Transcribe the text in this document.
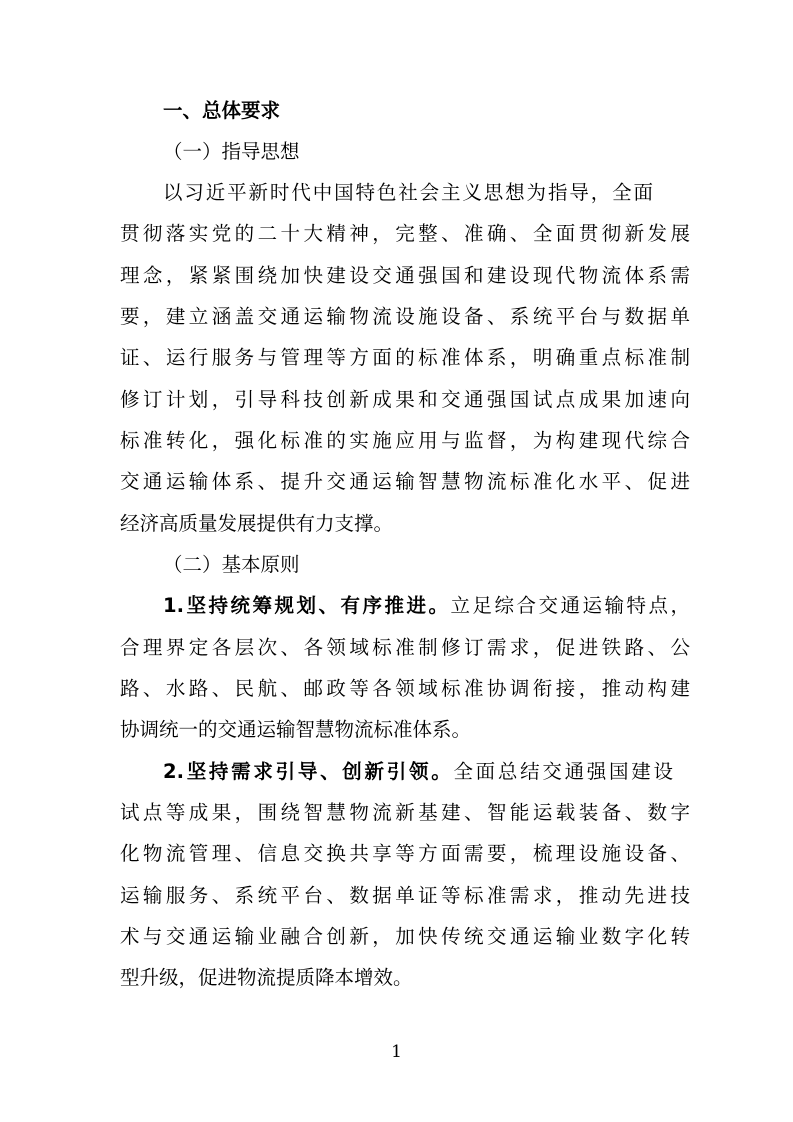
一、总体要求
（一）指导思想
以习近平新时代中国特色社会主义思想为指导，全面
贯彻落实党的二十大精神，完整、准确、全面贯彻新发展
理念，紧紧围绕加快建设交通强国和建设现代物流体系需
要，建立涵盖交通运输物流设施设备、系统平台与数据单
证、运行服务与管理等方面的标准体系，明确重点标准制
修订计划，引导科技创新成果和交通强国试点成果加速向
标准转化，强化标准的实施应用与监督，为构建现代综合
交通运输体系、提升交通运输智慧物流标准化水平、促进
经济高质量发展提供有力支撑。
（二）基本原则
1.坚持统筹规划、有序推进。立足综合交通运输特点，
合理界定各层次、各领域标准制修订需求，促进铁路、公
路、水路、民航、邮政等各领域标准协调衔接，推动构建
协调统一的交通运输智慧物流标准体系。
2.坚持需求引导、创新引领。全面总结交通强国建设
试点等成果，围绕智慧物流新基建、智能运载装备、数字
化物流管理、信息交换共享等方面需要，梳理设施设备、
运输服务、系统平台、数据单证等标准需求，推动先进技
术与交通运输业融合创新，加快传统交通运输业数字化转
型升级，促进物流提质降本增效。
1
